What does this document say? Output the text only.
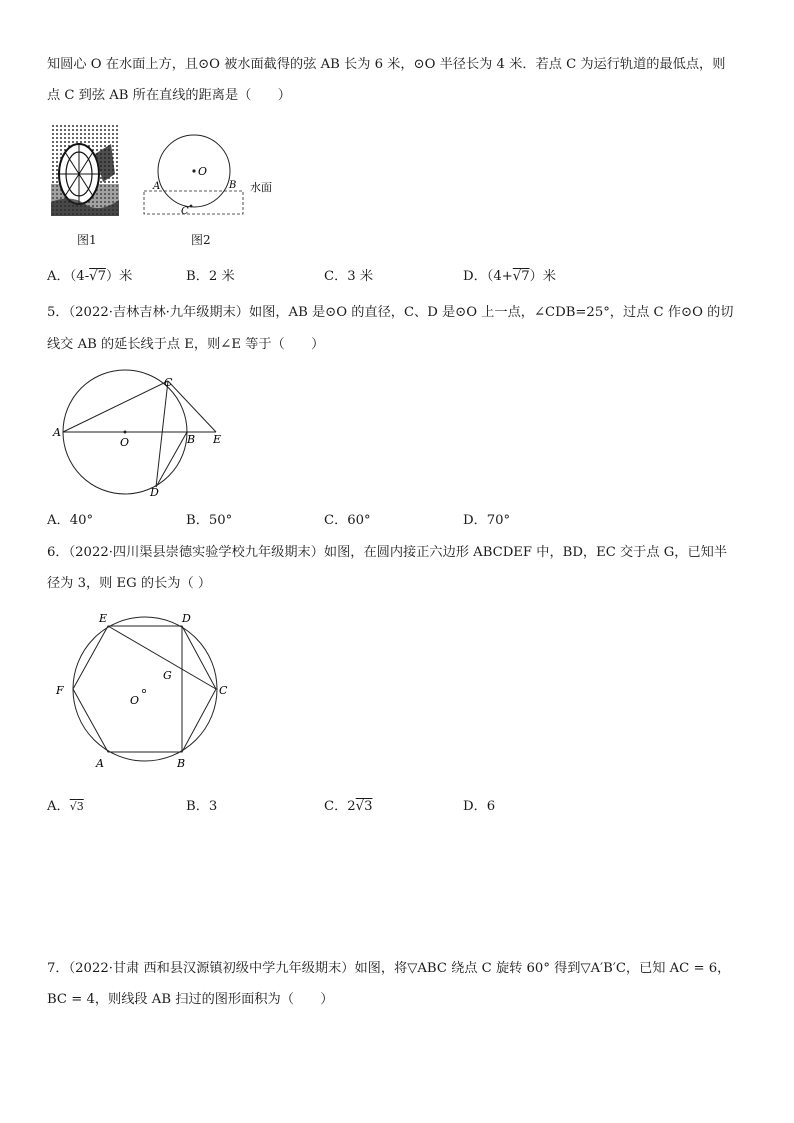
知圆心 O 在水面上方，且⊙O 被水面截得的弦 AB 长为 6 米，⊙O 半径长为 4 米．若点 C 为运行轨道的最低点，则
点 C 到弦 AB 所在直线的距离是（　　）
图1
O
A	B
C
水面
图2
A．（4-√7）米	B．2 米	C．3 米	D．（4+√7）米
5．（2022·吉林吉林·九年级期末）如图，AB 是⊙O 的直径，C、D 是⊙O 上一点，∠CDB=25°，过点 C 作⊙O 的切
线交 AB 的延长线于点 E，则∠E 等于（　　）
A
C
O	B E
D
A．40°	B．50°	C．60°	D．70°
6．（2022·四川渠县崇德实验学校九年级期末）如图，在圆内接正六边形 ABCDEF 中，BD，EC 交于点 G，已知半
径为 3，则 EG 的长为（ ）
E	D
F	C
G
O
A	B
A．√3	B．3	C．2√3	D．6
7．（2022·甘肃 西和县汉源镇初级中学九年级期末）如图，将▽ABC 绕点 C 旋转 60° 得到▽A′B′C，已知 AC = 6，
BC = 4，则线段 AB 扫过的图形面积为（　　）
